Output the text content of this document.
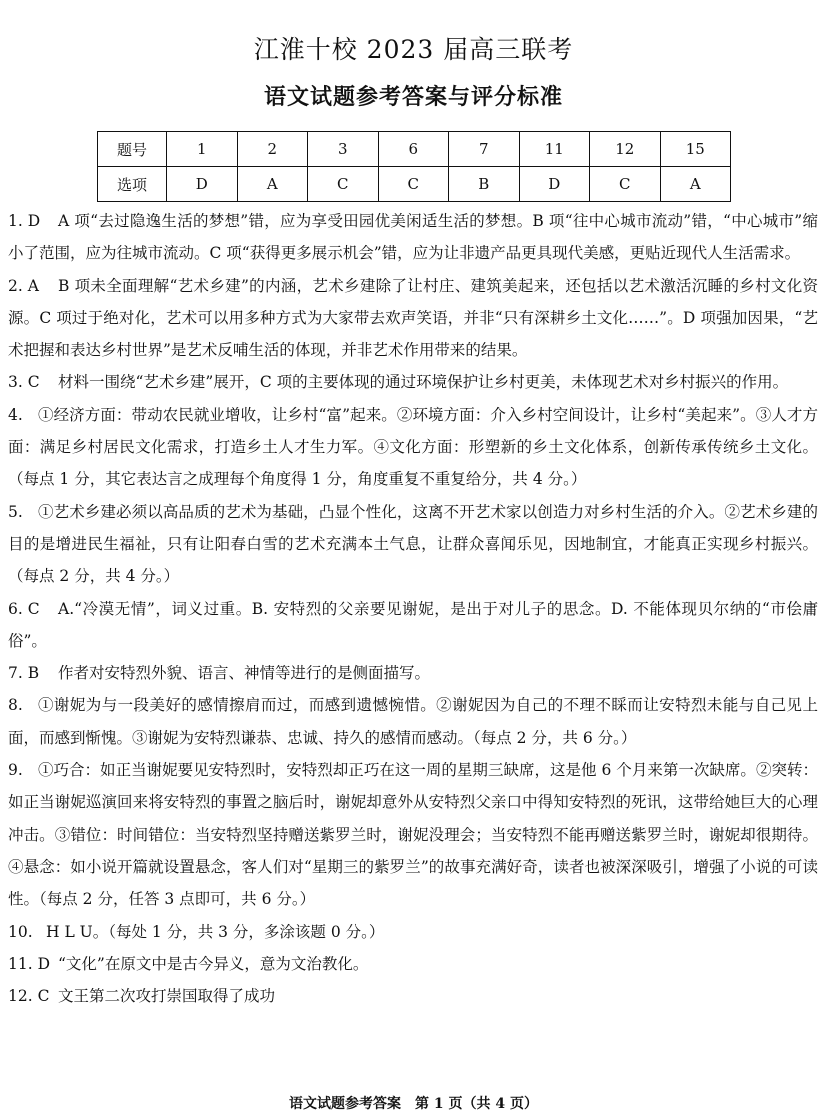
江淮十校 2023 届高三联考
语文试题参考答案与评分标准
题号	1	2	3	6	7	11	12	15
选项	D	A	C	C	B	D	C	A
1. D	A 项“去过隐逸生活的梦想”错，应为享受田园优美闲适生活的梦想。B 项“往中心城市流动”错，“中心城市”缩小了范围，应为往城市流动。C 项“获得更多展示机会”错，应为让非遗产品更具现代美感，更贴近现代人生活需求。
2. A	B 项未全面理解“艺术乡建”的内涵，艺术乡建除了让村庄、建筑美起来，还包括以艺术激活沉睡的乡村文化资源。C 项过于绝对化，艺术可以用多种方式为大家带去欢声笑语，并非“只有深耕乡土文化……”。D 项强加因果，“艺术把握和表达乡村世界”是艺术反哺生活的体现，并非艺术作用带来的结果。
3. C	材料一围绕“艺术乡建”展开，C 项的主要体现的通过环境保护让乡村更美，未体现艺术对乡村振兴的作用。
4. ①经济方面：带动农民就业增收，让乡村“富”起来。②环境方面：介入乡村空间设计，让乡村“美起来”。③人才方面：满足乡村居民文化需求，打造乡土人才生力军。④文化方面：形塑新的乡土文化体系，创新传承传统乡土文化。（每点 1 分，其它表达言之成理每个角度得 1 分，角度重复不重复给分，共 4 分。）
5. ①艺术乡建必须以高品质的艺术为基础，凸显个性化，这离不开艺术家以创造力对乡村生活的介入。②艺术乡建的目的是增进民生福祉，只有让阳春白雪的艺术充满本土气息，让群众喜闻乐见，因地制宜，才能真正实现乡村振兴。（每点 2 分，共 4 分。）
6. C	A.“冷漠无情”，词义过重。B. 安特烈的父亲要见谢妮，是出于对儿子的思念。D. 不能体现贝尔纳的“市侩庸俗”。
7. B	作者对安特烈外貌、语言、神情等进行的是侧面描写。
8. ①谢妮为与一段美好的感情擦肩而过，而感到遗憾惋惜。②谢妮因为自己的不理不睬而让安特烈未能与自己见上面，而感到惭愧。③谢妮为安特烈谦恭、忠诚、持久的感情而感动。（每点 2 分，共 6 分。）
9. ①巧合：如正当谢妮要见安特烈时，安特烈却正巧在这一周的星期三缺席，这是他 6 个月来第一次缺席。②突转：如正当谢妮巡演回来将安特烈的事置之脑后时，谢妮却意外从安特烈父亲口中得知安特烈的死讯，这带给她巨大的心理冲击。③错位：时间错位：当安特烈坚持赠送紫罗兰时，谢妮没理会；当安特烈不能再赠送紫罗兰时，谢妮却很期待。④悬念：如小说开篇就设置悬念，客人们对“星期三的紫罗兰”的故事充满好奇，读者也被深深吸引，增强了小说的可读性。（每点 2 分，任答 3 点即可，共 6 分。）
10. H L U。（每处 1 分，共 3 分，多涂该题 0 分。）
11. D “文化”在原文中是古今异义，意为文治教化。
12. C 文王第二次攻打崇国取得了成功
语文试题参考答案　第 1 页（共 4 页）
